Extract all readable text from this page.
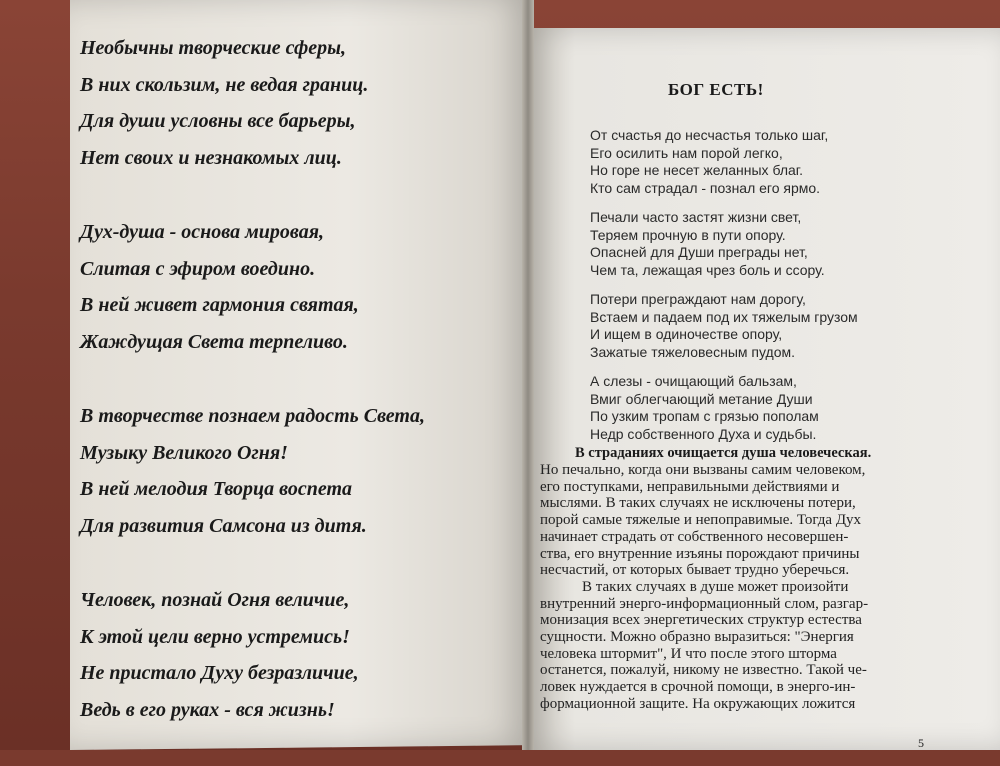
Необычны творческие сферы,
В них скользим, не ведая границ.
Для души условны все барьеры,
Нет своих и незнакомых лиц.
Дух-душа - основа мировая,
Слитая с эфиром воедино.
В ней живет гармония святая,
Жаждущая Света терпеливо.
В творчестве познаем радость Света,
Музыку Великого Огня!
В ней мелодия Творца воспета
Для развития Самсона из дитя.
Человек, познай Огня величие,
К этой цели верно устремись!
Не пристало Духу безразличие,
Ведь в его руках - вся жизнь!
БОГ ЕСТЬ!
От счастья до несчастья только шаг,
Его осилить нам порой легко,
Но горе не несет желанных благ.
Кто сам страдал - познал его ярмо.
Печали часто застят жизни свет,
Теряем прочную в пути опору.
Опасней для Души преграды нет,
Чем та, лежащая чрез боль и ссору.
Потери преграждают нам дорогу,
Встаем и падаем под их тяжелым грузом
И ищем в одиночестве опору,
Зажатые тяжеловесным пудом.
А слезы - очищающий бальзам,
Вмиг облегчающий метание Души
По узким тропам с грязью пополам
Недр собственного Духа и судьбы.
В страданиях очищается душа человеческая.
Но печально, когда они вызваны самим человеком,
его поступками, неправильными действиями и
мыслями. В таких случаях не исключены потери,
порой самые тяжелые и непоправимые. Тогда Дух
начинает страдать от собственного несовершен-
ства, его внутренние изъяны порождают причины
несчастий, от которых бывает трудно уберечься.
В таких случаях в душе может произойти
внутренний энерго-информационный слом, разгар-
монизация всех энергетических структур естества
сущности. Можно образно выразиться: "Энергия
человека штормит", И что после этого шторма
останется, пожалуй, никому не известно. Такой че-
ловек нуждается в срочной помощи, в энерго-ин-
формационной защите. На окружающих ложится
5
